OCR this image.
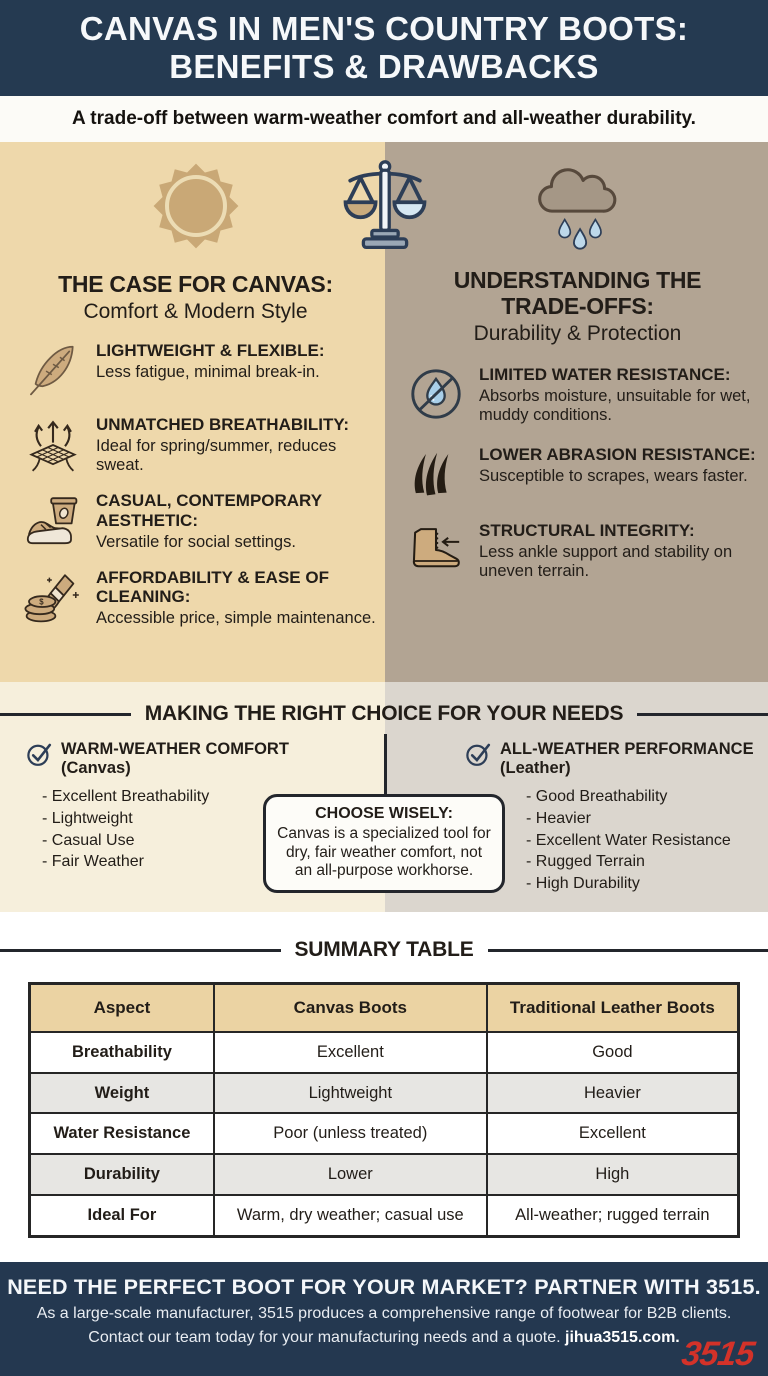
CANVAS IN MEN'S COUNTRY BOOTS:
BENEFITS & DRAWBACKS

A trade-off between warm-weather comfort and all-weather durability.

THE CASE FOR CANVAS:
Comfort & Modern Style
LIGHTWEIGHT & FLEXIBLE:

Less fatigue, minimal break-in.

UNMATCHED BREATHABILITY:

Ideal for spring/summer, reduces sweat.

CASUAL, CONTEMPORARY AESTHETIC:

Versatile for social settings.

$
AFFORDABILITY & EASE OF CLEANING:

Accessible price, simple maintenance.

UNDERSTANDING THE
TRADE-OFFS:
Durability & Protection
LIMITED WATER RESISTANCE:

Absorbs moisture, unsuitable for wet, muddy conditions.

LOWER ABRASION RESISTANCE:

Susceptible to scrapes, wears faster.

STRUCTURAL INTEGRITY:

Less ankle support and stability on uneven terrain.

MAKING THE RIGHT CHOICE FOR YOUR NEEDS
WARM-WEATHER COMFORT
(Canvas)
- Excellent Breathability
- Lightweight
- Casual Use
- Fair Weather
ALL-WEATHER PERFORMANCE
(Leather)
- Good Breathability
- Heavier
- Excellent Water Resistance
- Rugged Terrain
- High Durability
CHOOSE WISELY:

Canvas is a specialized tool for dry, fair weather comfort, not an all-purpose workhorse.

SUMMARY TABLE
Aspect	Canvas Boots	Traditional Leather Boots
Breathability	Excellent	Good
Weight	Lightweight	Heavier
Water Resistance	Poor (unless treated)	Excellent
Durability	Lower	High
Ideal For	Warm, dry weather; casual use	All-weather; rugged terrain

NEED THE PERFECT BOOT FOR YOUR MARKET? PARTNER WITH 3515.

As a large-scale manufacturer, 3515 produces a comprehensive range of footwear for B2B clients.

Contact our team today for your manufacturing needs and a quote. jihua3515.com. 3515
